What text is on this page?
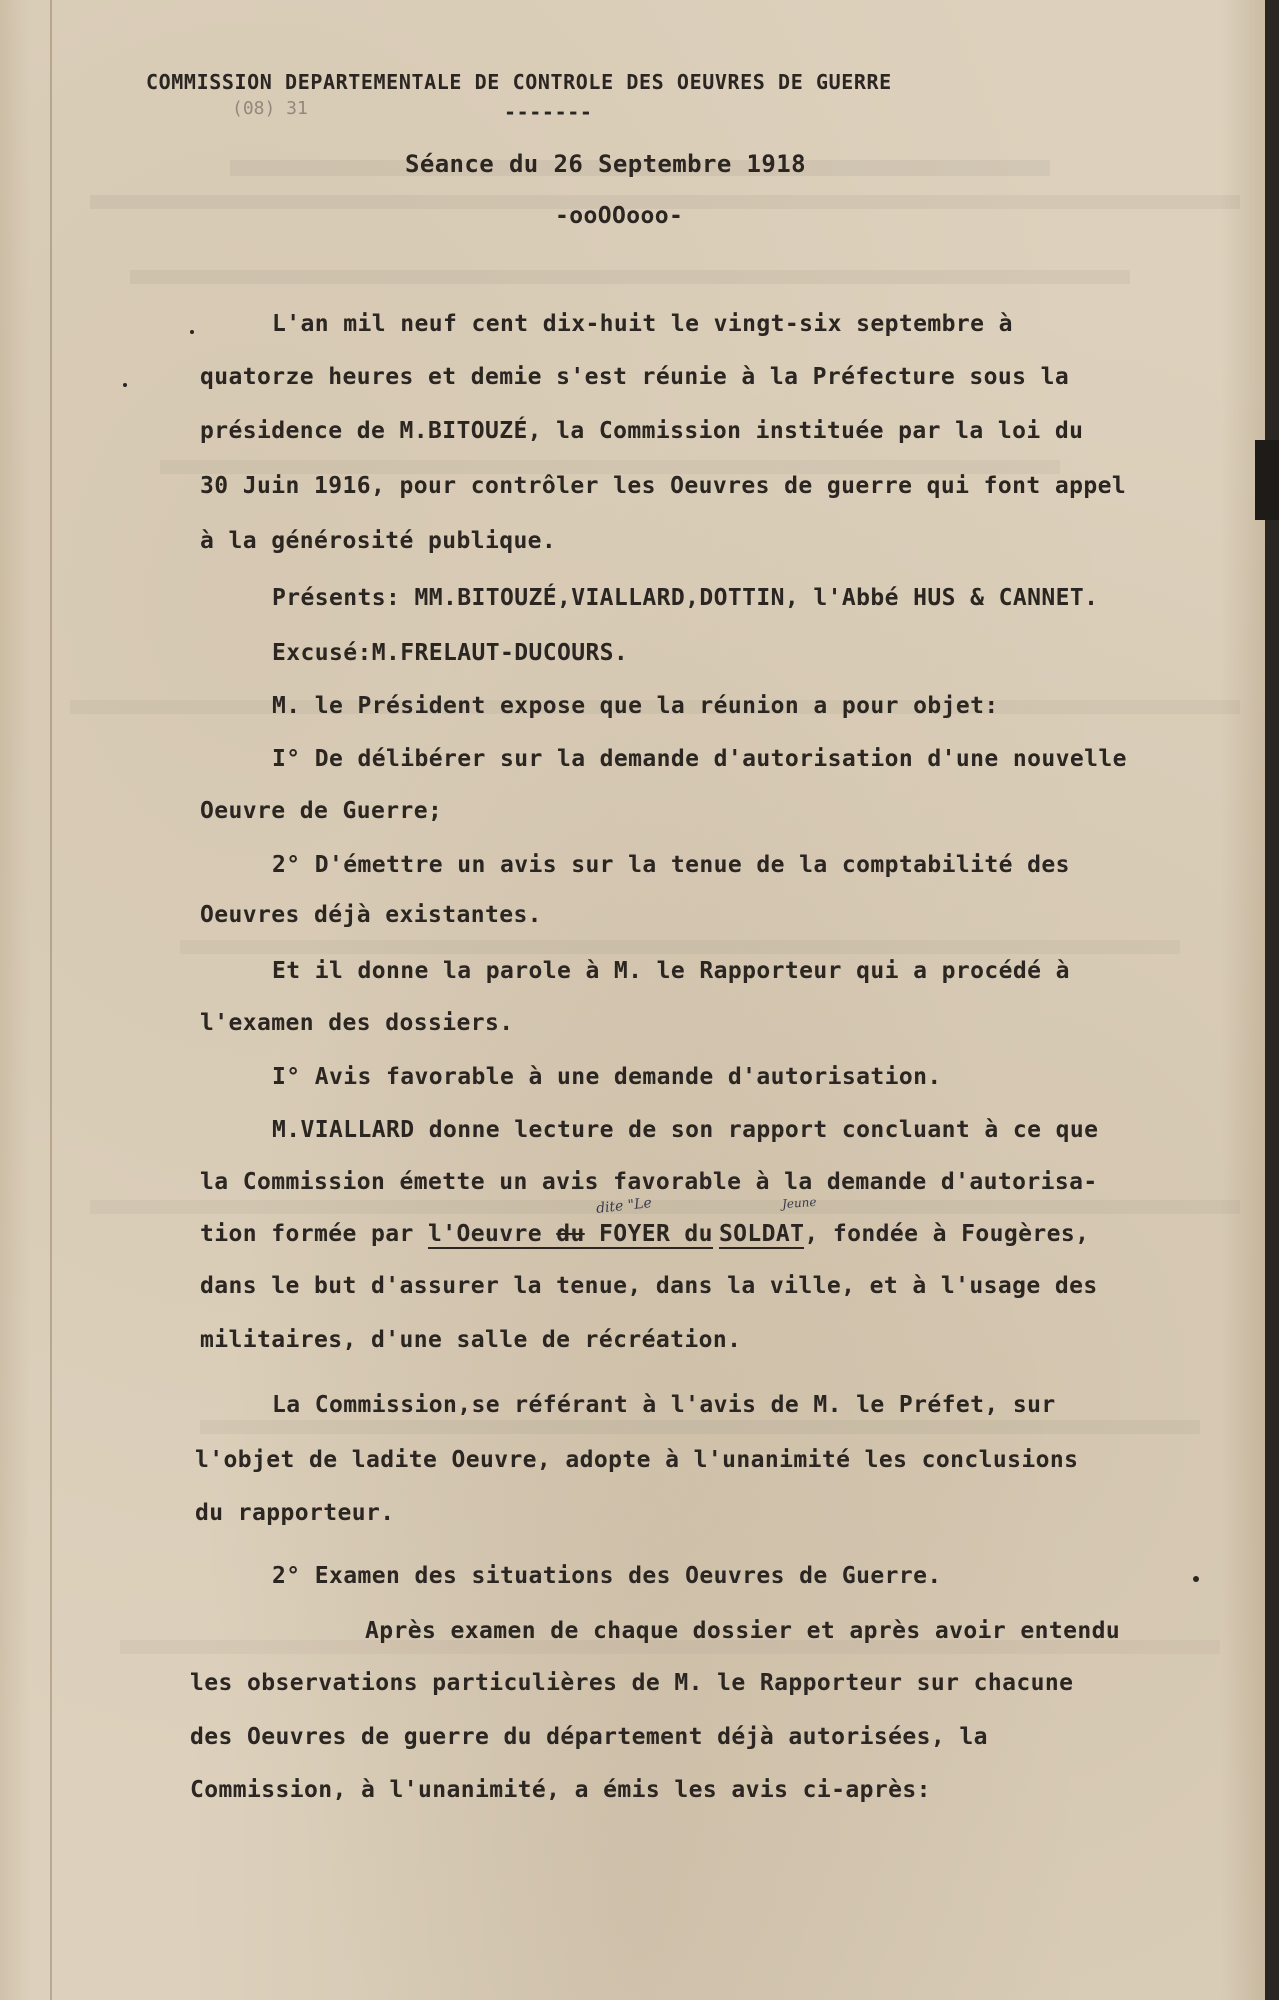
COMMISSION DEPARTEMENTALE DE CONTROLE DES OEUVRES DE GUERRE
(08) 31	-------
Séance du 26 Septembre 1918
-ooOOooo-
L'an mil neuf cent dix-huit le vingt-six septembre à
quatorze heures et demie s'est réunie à la Préfecture sous la
présidence de M.BITOUZÉ, la Commission instituée par la loi du
30 Juin 1916, pour contrôler les Oeuvres de guerre qui font appel
à la générosité publique.
Présents: MM.BITOUZÉ,VIALLARD,DOTTIN, l'Abbé HUS & CANNET.
Excusé:M.FRELAUT-DUCOURS.
M. le Président expose que la réunion a pour objet:
I° De délibérer sur la demande d'autorisation d'une nouvelle
Oeuvre de Guerre;
2° D'émettre un avis sur la tenue de la comptabilité des
Oeuvres déjà existantes.
Et il donne la parole à M. le Rapporteur qui a procédé à
l'examen des dossiers.
I° Avis favorable à une demande d'autorisation.
M.VIALLARD donne lecture de son rapport concluant à ce que
la Commission émette un avis favorable à la demande d'autorisa-
dite "Le	Jeune
tion formée par l'Oeuvre du FOYER du SOLDAT, fondée à Fougères,
dans le but d'assurer la tenue, dans la ville, et à l'usage des
militaires, d'une salle de récréation.
La Commission,se référant à l'avis de M. le Préfet, sur
l'objet de ladite Oeuvre, adopte à l'unanimité les conclusions
du rapporteur.
2° Examen des situations des Oeuvres de Guerre.
Après examen de chaque dossier et après avoir entendu
les observations particulières de M. le Rapporteur sur chacune
des Oeuvres de guerre du département déjà autorisées, la
Commission, à l'unanimité, a émis les avis ci-après:
